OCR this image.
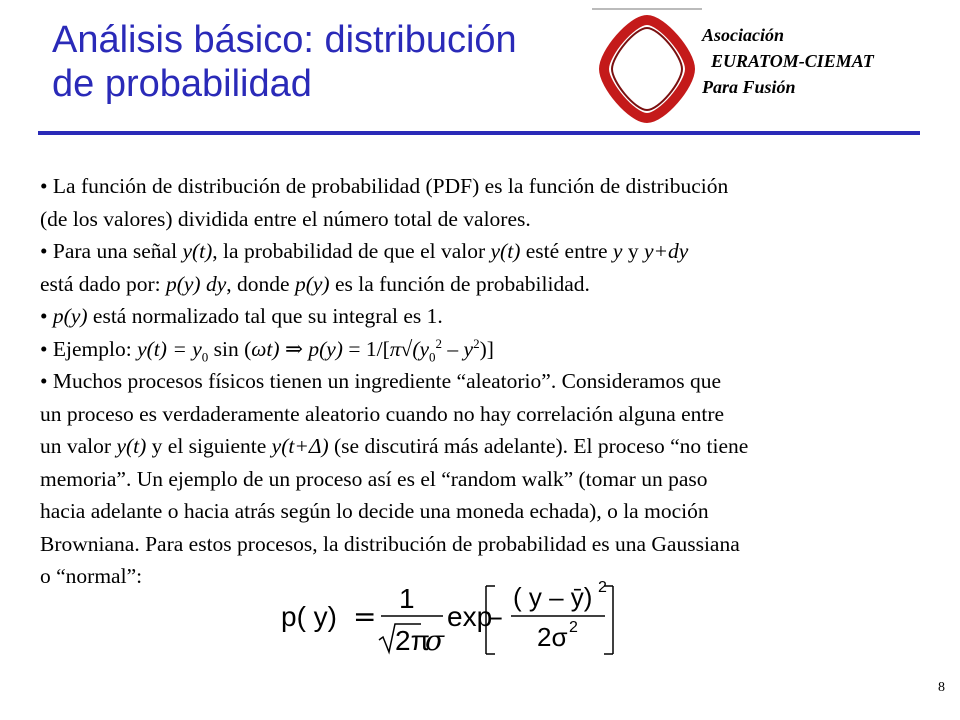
Análisis básico: distribución
de probabilidad
Asociación
EURATOM-CIEMAT
Para Fusión
• La función de distribución de probabilidad (PDF) es la función de distribución
(de los valores) dividida entre el número total de valores.
• Para una señal y(t), la probabilidad de que el valor y(t) esté entre y y y+dy
está dado por: p(y) dy, donde p(y) es la función de probabilidad.
• p(y) está normalizado tal que su integral es 1.
• Ejemplo: $y(t) = y_0$ sin (ωt) ⇒ $p(y) = 1/[\pi√(y_0^2 - y^2)]$
• Muchos procesos físicos tienen un ingrediente “aleatorio”. Consideramos que
un proceso es verdaderamente aleatorio cuando no hay correlación alguna entre
un valor y(t) y el siguiente y(t+Δ) (se discutirá más adelante). El proceso “no tiene
memoria”. Un ejemplo de un proceso así es el “random walk” (tomar un paso
hacia adelante o hacia atrás según lo decide una moneda echada), o la moción
Browniana. Para estos procesos, la distribución de probabilidad es una Gaussiana
o “normal”:
p( y) =
1
2π
σ
exp
–
( y – ȳ) 2
2σ 2
8
